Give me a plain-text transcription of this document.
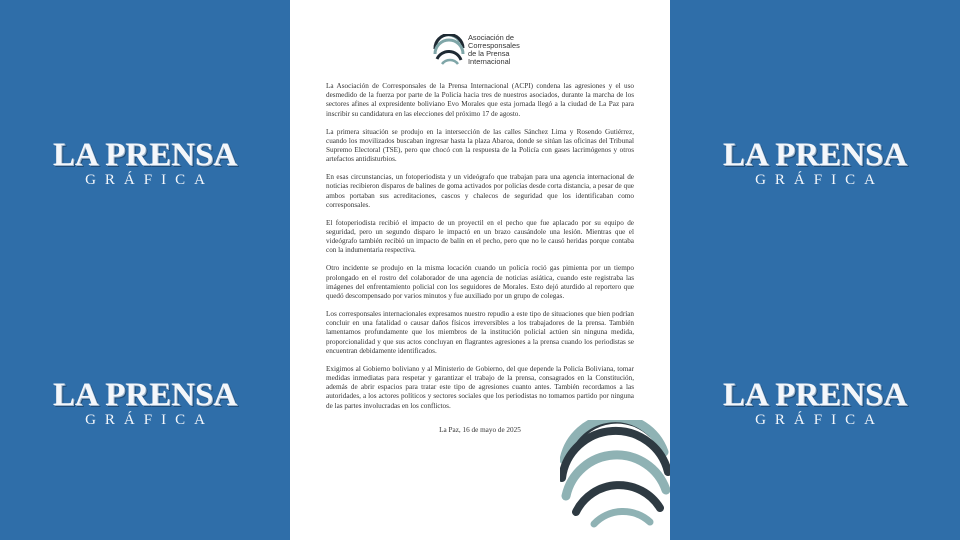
LA PRENSA
GRÁFICA
LA PRENSA
GRÁFICA
LA PRENSA
GRÁFICA
LA PRENSA
GRÁFICA
Asociación de
Corresponsales
de la Prensa
Internacional

La Asociación de Corresponsales de la Prensa Internacional (ACPI) condena las agresiones y el uso desmedido de la fuerza por parte de la Policía hacia tres de nuestros asociados, durante la marcha de los sectores afines al expresidente boliviano Evo Morales que esta jornada llegó a la ciudad de La Paz para inscribir su candidatura en las elecciones del próximo 17 de agosto.

La primera situación se produjo en la intersección de las calles Sánchez Lima y Rosendo Gutiérrez, cuando los movilizados buscaban ingresar hasta la plaza Abaroa, donde se sitúan las oficinas del Tribunal Supremo Electoral (TSE), pero que chocó con la respuesta de la Policía con gases lacrimógenos y otros artefactos antidisturbios.

En esas circunstancias, un fotoperiodista y un videógrafo que trabajan para una agencia internacional de noticias recibieron disparos de balines de goma activados por policías desde corta distancia, a pesar de que ambos portaban sus acreditaciones, cascos y chalecos de seguridad que los identificaban como corresponsales.

El fotoperiodista recibió el impacto de un proyectil en el pecho que fue aplacado por su equipo de seguridad, pero un segundo disparo le impactó en un brazo causándole una lesión. Mientras que el videógrafo también recibió un impacto de balín en el pecho, pero que no le causó heridas porque contaba con la indumentaria respectiva.

Otro incidente se produjo en la misma locación cuando un policía roció gas pimienta por un tiempo prolongado en el rostro del colaborador de una agencia de noticias asiática, cuando este registraba las imágenes del enfrentamiento policial con los seguidores de Morales. Esto dejó aturdido al reportero que quedó descompensado por varios minutos y fue auxiliado por un grupo de colegas.

Los corresponsales internacionales expresamos nuestro repudio a este tipo de situaciones que bien podrían concluir en una fatalidad o causar daños físicos irreversibles a los trabajadores de la prensa. También lamentamos profundamente que los miembros de la institución policial actúen sin ninguna medida, proporcionalidad y que sus actos concluyan en flagrantes agresiones a la prensa cuando los periodistas se encuentran debidamente identificados.

Exigimos al Gobierno boliviano y al Ministerio de Gobierno, del que depende la Policía Boliviana, tomar medidas inmediatas para respetar y garantizar el trabajo de la prensa, consagrados en la Constitución, además de abrir espacios para tratar este tipo de agresiones cuanto antes. También recordamos a las autoridades, a los actores políticos y sectores sociales que los periodistas no tomamos partido por ninguna de las partes involucradas en los conflictos.

La Paz, 16 de mayo de 2025
